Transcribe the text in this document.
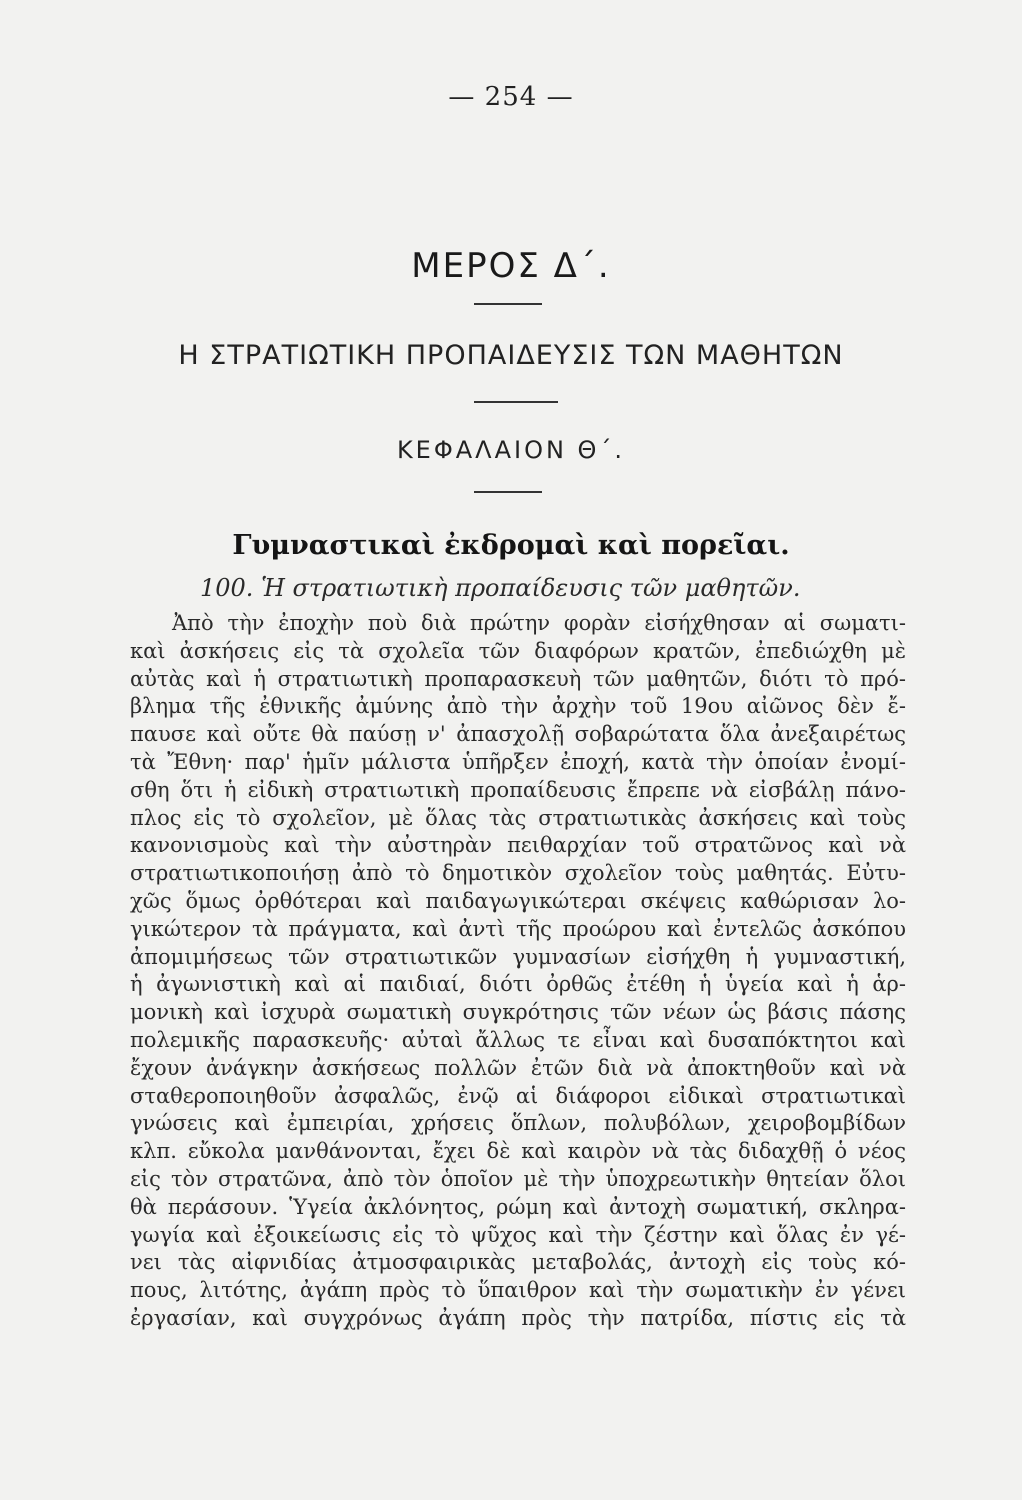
— 254 —
ΜΕΡΟΣ Δ΄.
Η ΣΤΡΑΤΙΩΤΙΚΗ ΠΡΟΠΑΙΔΕΥΣΙΣ ΤΩΝ ΜΑΘΗΤΩΝ
ΚΕΦΑΛΑΙΟΝ Θ΄.
Γυμναστικαὶ ἐκδρομαὶ καὶ πορεῖαι.
100. Ἡ στρατιωτικὴ προπαίδευσις τῶν μαθητῶν.
Ἀπὸ τὴν ἐποχὴν ποὺ διὰ πρώτην φορὰν εἰσήχθησαν αἱ σωματι-
καὶ ἀσκήσεις εἰς τὰ σχολεῖα τῶν διαφόρων κρατῶν, ἐπεδιώχθη μὲ
αὐτὰς καὶ ἡ στρατιωτικὴ προπαρασκευὴ τῶν μαθητῶν, διότι τὸ πρό-
βλημα τῆς ἐθνικῆς ἀμύνης ἀπὸ τὴν ἀρχὴν τοῦ 19ου αἰῶνος δὲν ἔ-
παυσε καὶ οὔτε θὰ παύσῃ ν' ἀπασχολῇ σοβαρώτατα ὅλα ἀνεξαιρέτως
τὰ Ἔθνη· παρ' ἡμῖν μάλιστα ὑπῆρξεν ἐποχή, κατὰ τὴν ὁποίαν ἐνομί-
σθη ὅτι ἡ εἰδικὴ στρατιωτικὴ προπαίδευσις ἔπρεπε νὰ εἰσβάλῃ πάνο-
πλος εἰς τὸ σχολεῖον, μὲ ὅλας τὰς στρατιωτικὰς ἀσκήσεις καὶ τοὺς
κανονισμοὺς καὶ τὴν αὐστηρὰν πειθαρχίαν τοῦ στρατῶνος καὶ νὰ
στρατιωτικοποιήσῃ ἀπὸ τὸ δημοτικὸν σχολεῖον τοὺς μαθητάς. Εὐτυ-
χῶς ὅμως ὀρθότεραι καὶ παιδαγωγικώτεραι σκέψεις καθώρισαν λο-
γικώτερον τὰ πράγματα, καὶ ἀντὶ τῆς προώρου καὶ ἐντελῶς ἀσκόπου
ἀπομιμήσεως τῶν στρατιωτικῶν γυμνασίων εἰσήχθη ἡ γυμναστική,
ἡ ἀγωνιστικὴ καὶ αἱ παιδιαί, διότι ὀρθῶς ἐτέθη ἡ ὑγεία καὶ ἡ ἁρ-
μονικὴ καὶ ἰσχυρὰ σωματικὴ συγκρότησις τῶν νέων ὡς βάσις πάσης
πολεμικῆς παρασκευῆς· αὐταὶ ἄλλως τε εἶναι καὶ δυσαπόκτητοι καὶ
ἔχουν ἀνάγκην ἀσκήσεως πολλῶν ἐτῶν διὰ νὰ ἀποκτηθοῦν καὶ νὰ
σταθεροποιηθοῦν ἀσφαλῶς, ἐνῷ αἱ διάφοροι εἰδικαὶ στρατιωτικαὶ
γνώσεις καὶ ἐμπειρίαι, χρήσεις ὅπλων, πολυβόλων, χειροβομβίδων
κλπ. εὔκολα μανθάνονται, ἔχει δὲ καὶ καιρὸν νὰ τὰς διδαχθῇ ὁ νέος
εἰς τὸν στρατῶνα, ἀπὸ τὸν ὁποῖον μὲ τὴν ὑποχρεωτικὴν θητείαν ὅλοι
θὰ περάσουν. Ὑγεία ἀκλόνητος, ρώμη καὶ ἀντοχὴ σωματική, σκληρα-
γωγία καὶ ἐξοικείωσις εἰς τὸ ψῦχος καὶ τὴν ζέστην καὶ ὅλας ἐν γέ-
νει τὰς αἰφνιδίας ἀτμοσφαιρικὰς μεταβολάς, ἀντοχὴ εἰς τοὺς κό-
πους, λιτότης, ἀγάπη πρὸς τὸ ὕπαιθρον καὶ τὴν σωματικὴν ἐν γένει
ἐργασίαν, καὶ συγχρόνως ἀγάπη πρὸς τὴν πατρίδα, πίστις εἰς τὰ
